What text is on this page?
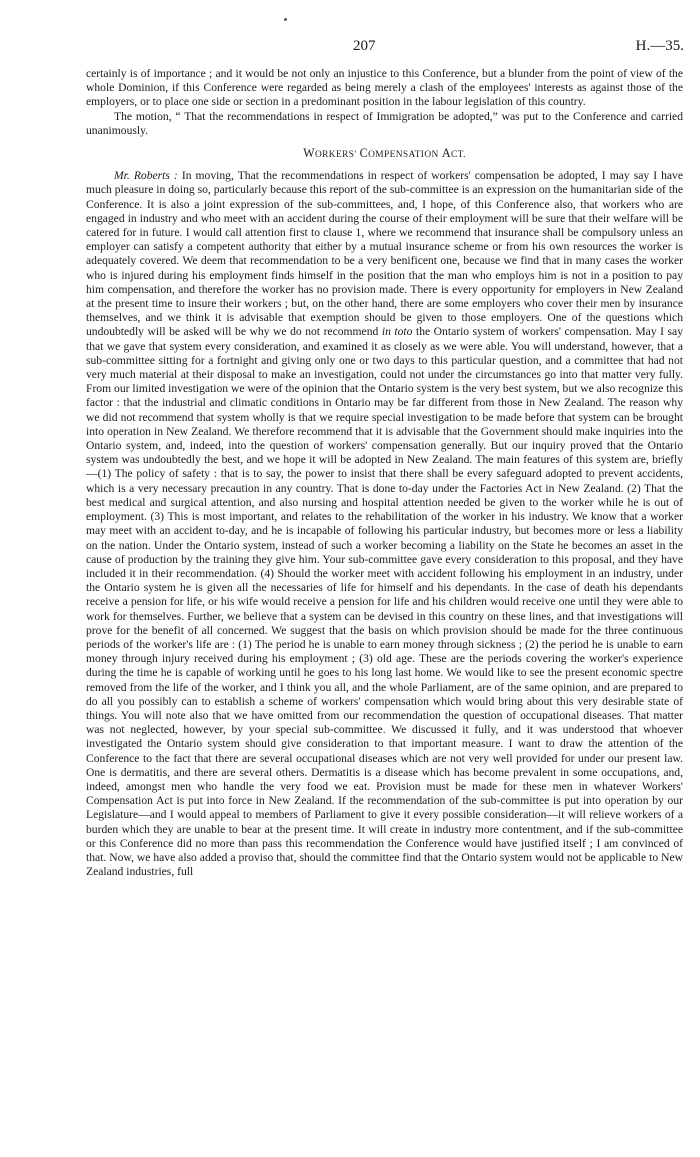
207	H.—35.

certainly is of importance ; and it would be not only an injustice to this Conference, but a blunder from the point of view of the whole Dominion, if this Conference were regarded as being merely a clash of the employees' interests as against those of the employers, or to place one side or section in a predominant position in the labour legislation of this country.

The motion, “ That the recommendations in respect of Immigration be adopted,” was put to the Conference and carried unanimously.

WORKERS' COMPENSATION ACT.

Mr. Roberts : In moving, That the recommendations in respect of workers' compensation be adopted, I may say I have much pleasure in doing so, particularly because this report of the sub-committee is an expression on the humanitarian side of the Conference. It is also a joint expression of the sub-committees, and, I hope, of this Conference also, that workers who are engaged in industry and who meet with an accident during the course of their employment will be sure that their welfare will be catered for in future. I would call attention first to clause 1, where we recommend that insurance shall be compulsory unless an employer can satisfy a competent authority that either by a mutual insurance scheme or from his own resources the worker is adequately covered. We deem that recommendation to be a very benificent one, because we find that in many cases the worker who is injured during his employment finds himself in the position that the man who employs him is not in a position to pay him compensation, and therefore the worker has no provision made. There is every opportunity for employers in New Zealand at the present time to insure their workers ; but, on the other hand, there are some employers who cover their men by insurance themselves, and we think it is advisable that exemption should be given to those employers. One of the questions which undoubtedly will be asked will be why we do not recommend in toto the Ontario system of workers' compensation. May I say that we gave that system every consideration, and examined it as closely as we were able. You will understand, however, that a sub-committee sitting for a fortnight and giving only one or two days to this particular question, and a committee that had not very much material at their disposal to make an investigation, could not under the circumstances go into that matter very fully. From our limited investigation we were of the opinion that the Ontario system is the very best system, but we also recognize this factor : that the industrial and climatic conditions in Ontario may be far different from those in New Zealand. The reason why we did not recommend that system wholly is that we require special investigation to be made before that system can be brought into operation in New Zealand. We therefore recommend that it is advisable that the Government should make inquiries into the Ontario system, and, indeed, into the question of workers' compensation generally. But our inquiry proved that the Ontario system was undoubtedly the best, and we hope it will be adopted in New Zealand. The main features of this system are, briefly—(1) The policy of safety : that is to say, the power to insist that there shall be every safeguard adopted to prevent accidents, which is a very necessary precaution in any country. That is done to-day under the Factories Act in New Zealand. (2) That the best medical and surgical attention, and also nursing and hospital attention needed be given to the worker while he is out of employment. (3) This is most important, and relates to the rehabilitation of the worker in his industry. We know that a worker may meet with an accident to-day, and he is incapable of following his particular industry, but becomes more or less a liability on the nation. Under the Ontario system, instead of such a worker becoming a liability on the State he becomes an asset in the cause of production by the training they give him. Your sub-committee gave every consideration to this proposal, and they have included it in their recommendation. (4) Should the worker meet with accident following his employment in an industry, under the Ontario system he is given all the necessaries of life for himself and his dependants. In the case of death his dependants receive a pension for life, or his wife would receive a pension for life and his children would receive one until they were able to work for themselves. Further, we believe that a system can be devised in this country on these lines, and that investigations will prove for the benefit of all concerned. We suggest that the basis on which provision should be made for the three continuous periods of the worker's life are : (1) The period he is unable to earn money through sickness ; (2) the period he is unable to earn money through injury received during his employment ; (3) old age. These are the periods covering the worker's experience during the time he is capable of working until he goes to his long last home. We would like to see the present economic spectre removed from the life of the worker, and I think you all, and the whole Parliament, are of the same opinion, and are prepared to do all you possibly can to establish a scheme of workers' compensation which would bring about this very desirable state of things. You will note also that we have omitted from our recommendation the question of occupational diseases. That matter was not neglected, however, by your special sub-committee. We discussed it fully, and it was understood that whoever investigated the Ontario system should give consideration to that important measure. I want to draw the attention of the Conference to the fact that there are several occupational diseases which are not very well provided for under our present law. One is dermatitis, and there are several others. Dermatitis is a disease which has become prevalent in some occupations, and, indeed, amongst men who handle the very food we eat. Provision must be made for these men in whatever Workers' Compensation Act is put into force in New Zealand. If the recommendation of the sub-committee is put into operation by our Legislature—and I would appeal to members of Parliament to give it every possible consideration—it will relieve workers of a burden which they are unable to bear at the present time. It will create in industry more contentment, and if the sub-committee or this Conference did no more than pass this recommendation the Conference would have justified itself ; I am convinced of that. Now, we have also added a proviso that, should the committee find that the Ontario system would not be applicable to New Zealand industries, full
